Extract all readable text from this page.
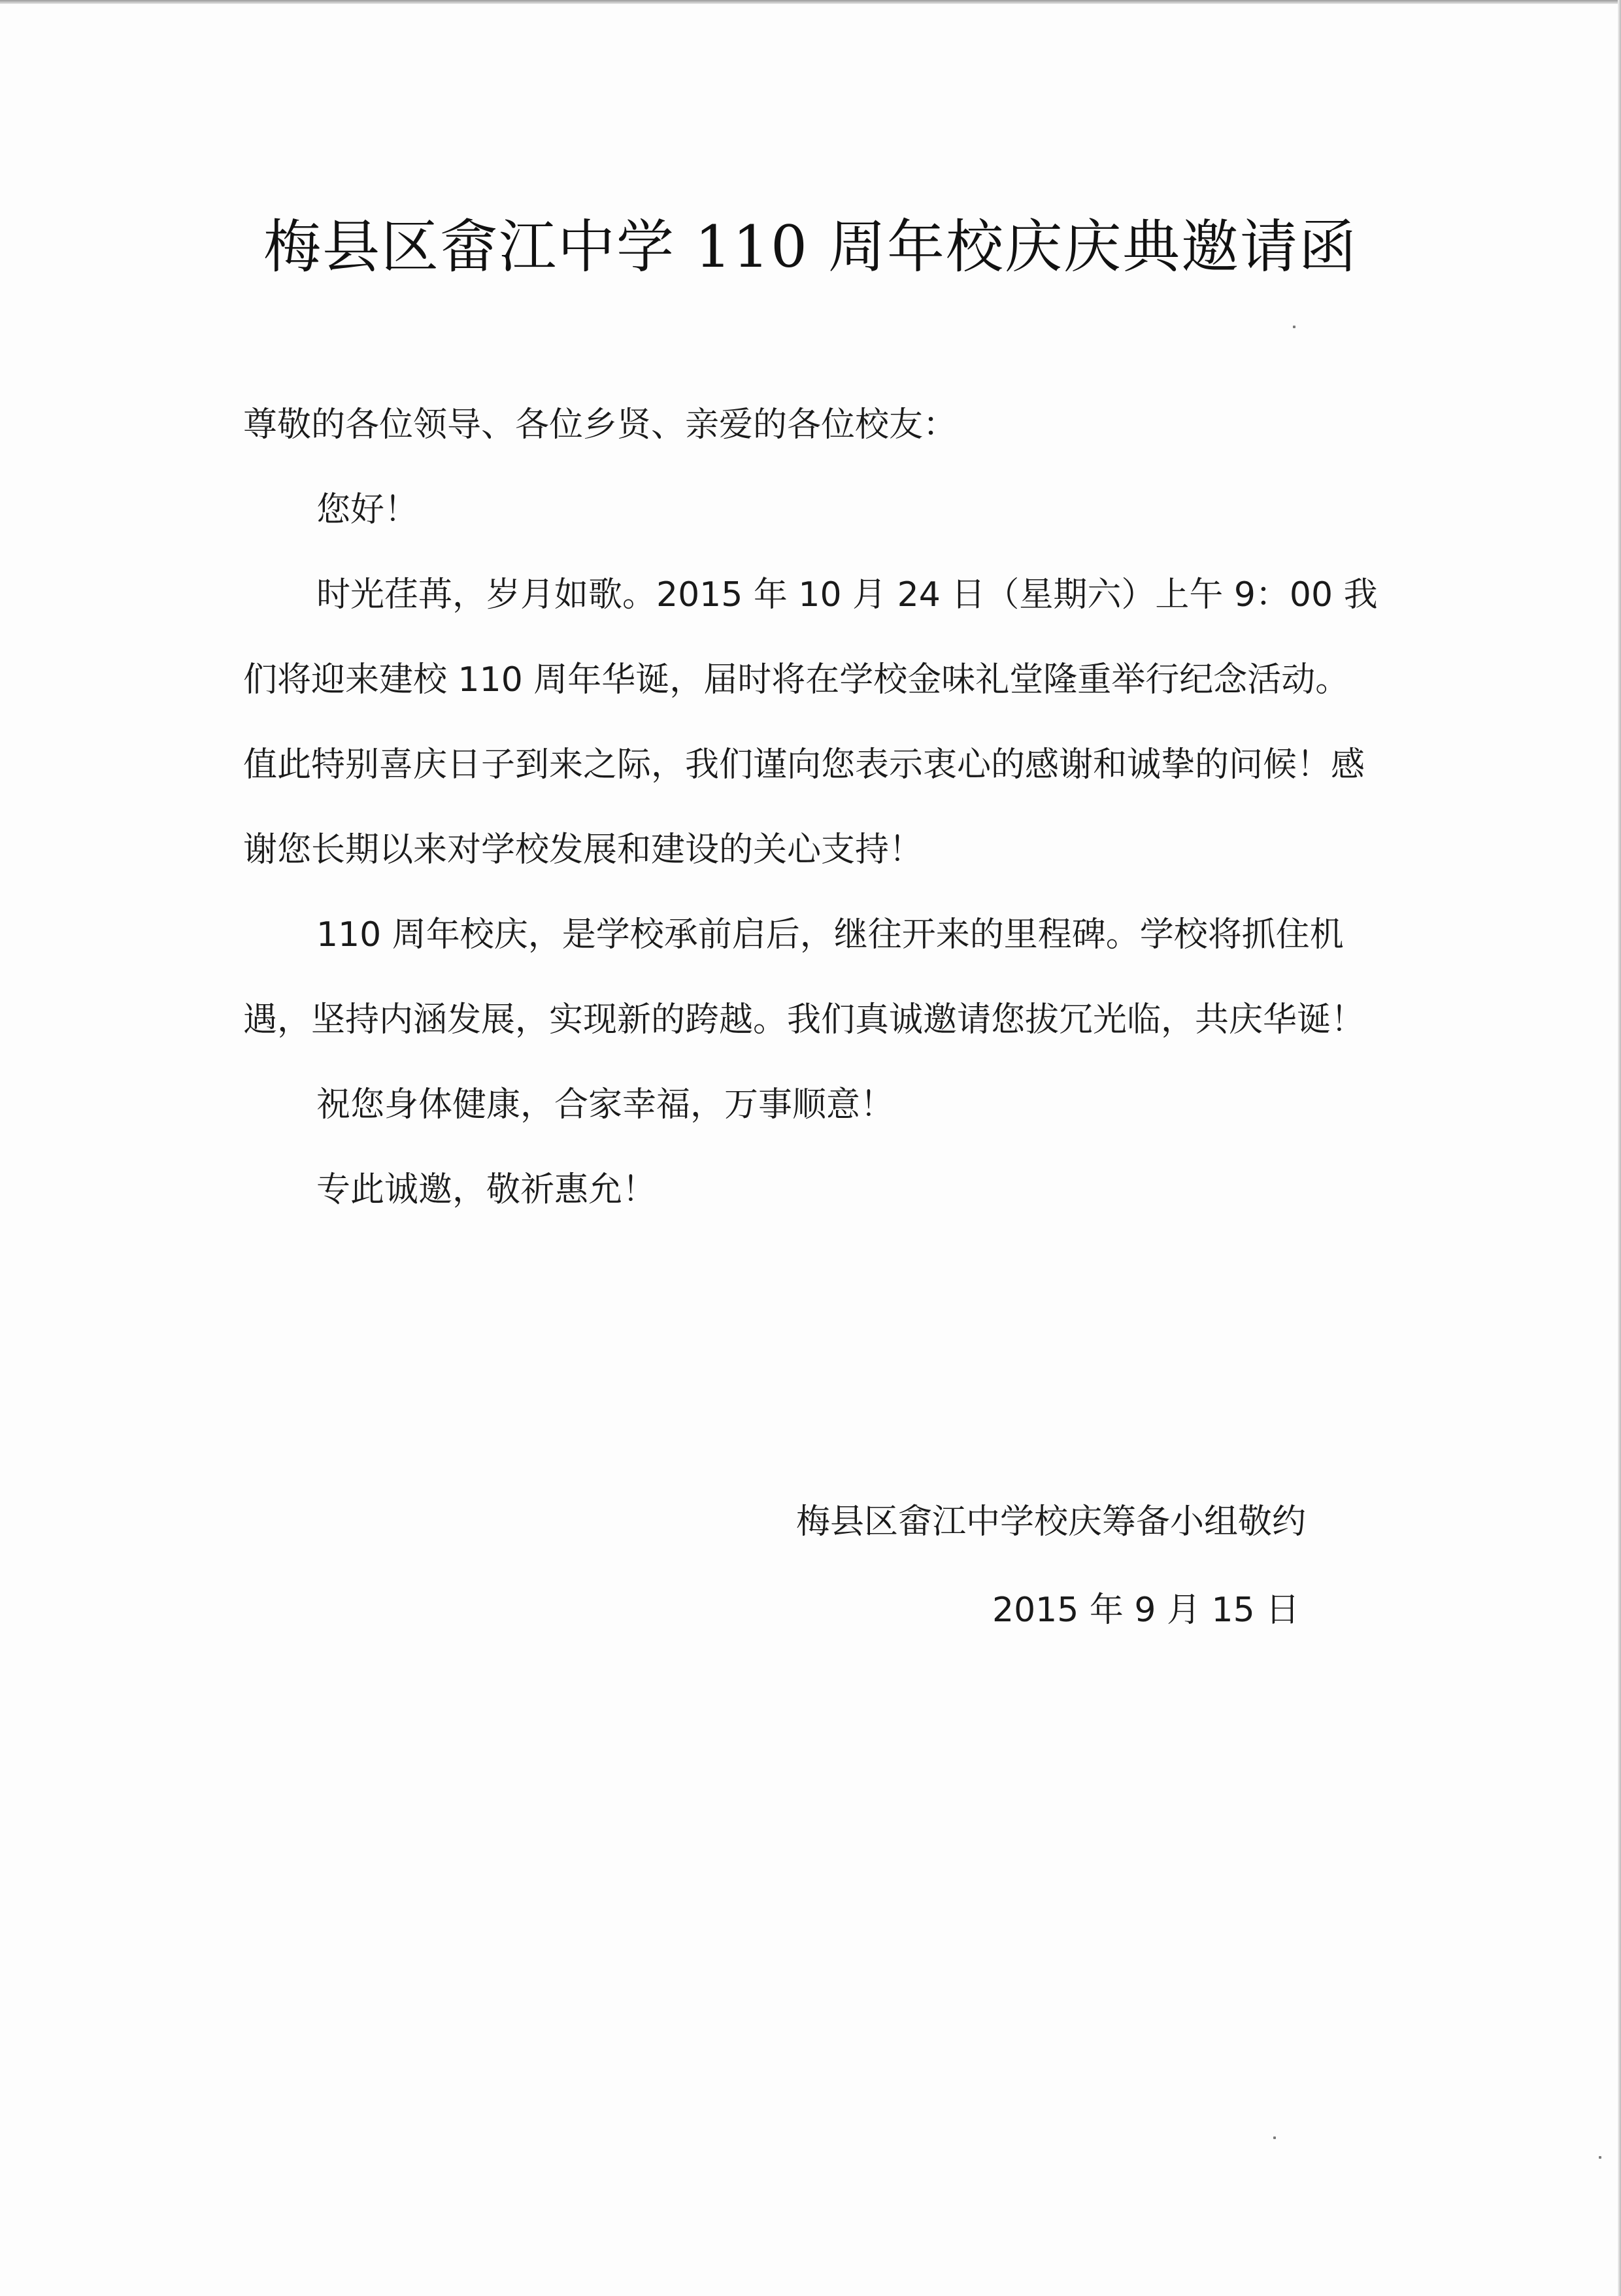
梅县区畲江中学 110 周年校庆庆典邀请函

尊敬的各位领导、各位乡贤、亲爱的各位校友：

您好！

时光荏苒，岁月如歌。2015 年 10 月 24 日（星期六）上午 9：00 我们将迎来建校 110 周年华诞，届时将在学校金味礼堂隆重举行纪念活动。值此特别喜庆日子到来之际，我们谨向您表示衷心的感谢和诚挚的问候！感谢您长期以来对学校发展和建设的关心支持！

110 周年校庆，是学校承前启后，继往开来的里程碑。学校将抓住机遇，坚持内涵发展，实现新的跨越。我们真诚邀请您拔冗光临，共庆华诞！

祝您身体健康，合家幸福，万事顺意！

专此诚邀，敬祈惠允！

梅县区畲江中学校庆筹备小组敬约
2015 年 9 月 15 日
